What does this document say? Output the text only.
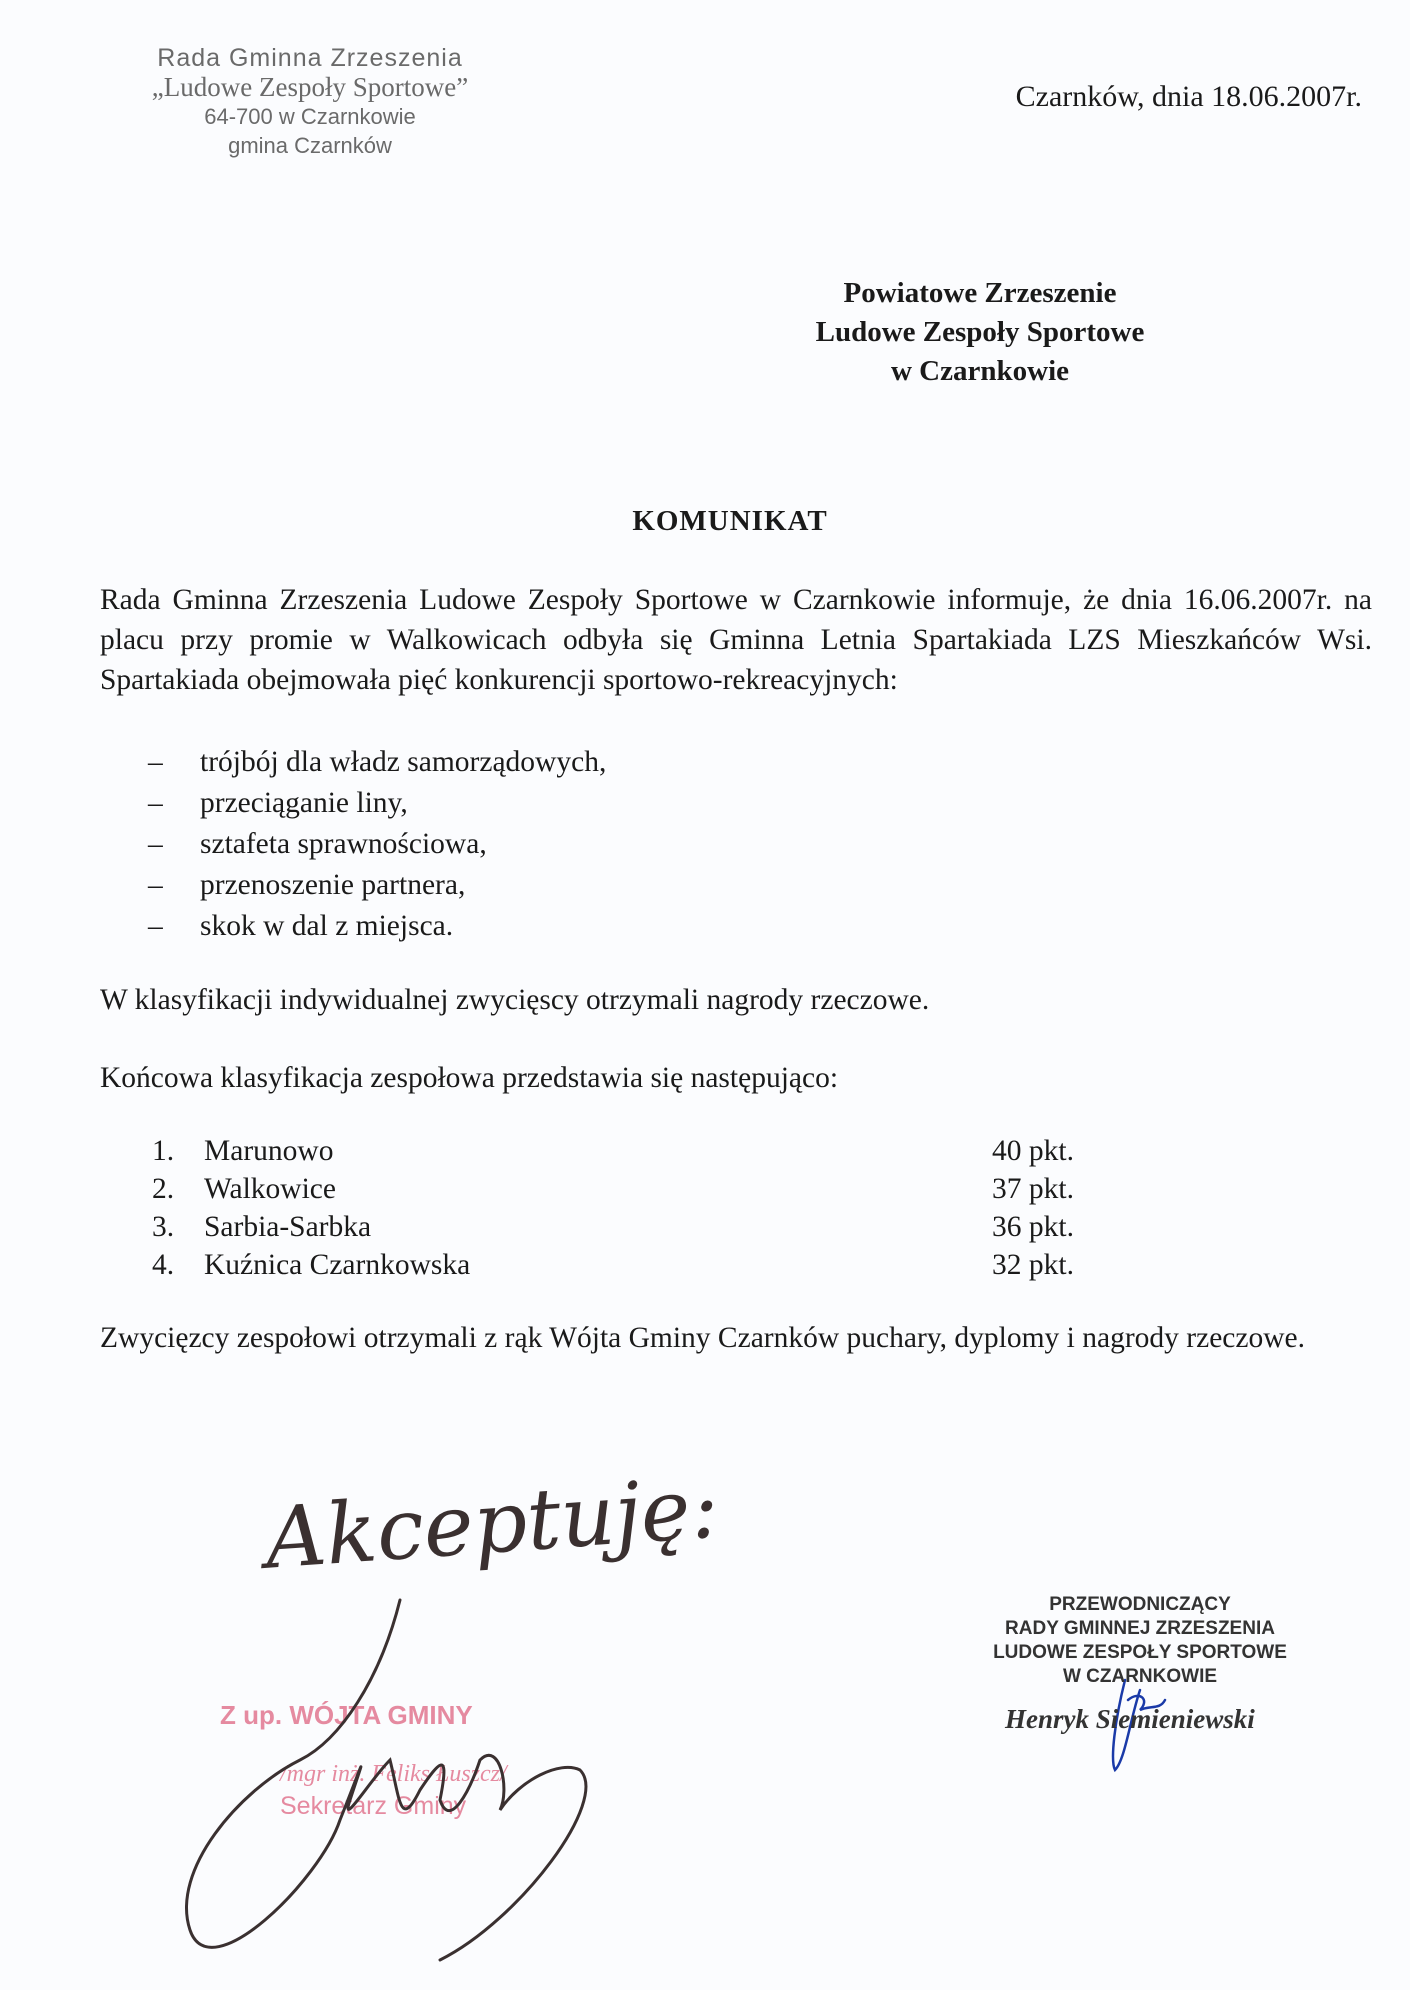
Rada Gminna Zrzeszenia
„Ludowe Zespoły Sportowe”
64-700 w Czarnkowie
gmina Czarnków
Czarnków, dnia 18.06.2007r.
Powiatowe Zrzeszenie
Ludowe Zespoły Sportowe
w Czarnkowie
KOMUNIKAT
Rada Gminna Zrzeszenia Ludowe Zespoły Sportowe w Czarnkowie informuje, że dnia 16.06.2007r. na placu przy promie w Walkowicach odbyła się Gminna Letnia Spartakiada LZS Mieszkańców Wsi. Spartakiada obejmowała pięć konkurencji sportowo-rekreacyjnych:
–	trójbój dla władz samorządowych,
–	przeciąganie liny,
–	sztafeta sprawnościowa,
–	przenoszenie partnera,
–	skok w dal z miejsca.
W klasyfikacji indywidualnej zwycięscy otrzymali nagrody rzeczowe.
Końcowa klasyfikacja zespołowa przedstawia się następująco:
1.	Marunowo	40 pkt.
2.	Walkowice	37 pkt.
3.	Sarbia-Sarbka	36 pkt.
4.	Kuźnica Czarnkowska	32 pkt.
Zwycięzcy zespołowi otrzymali z rąk Wójta Gminy Czarnków puchary, dyplomy i nagrody rzeczowe.
Z up. WÓJTA GMINY
/mgr inż. Feliks Łuszcz/
Sekretarz Gminy
Akceptuję:
PRZEWODNICZĄCY
RADY GMINNEJ ZRZESZENIA
LUDOWE ZESPOŁY SPORTOWE
W CZARNKOWIE
Henryk Siemieniewski
